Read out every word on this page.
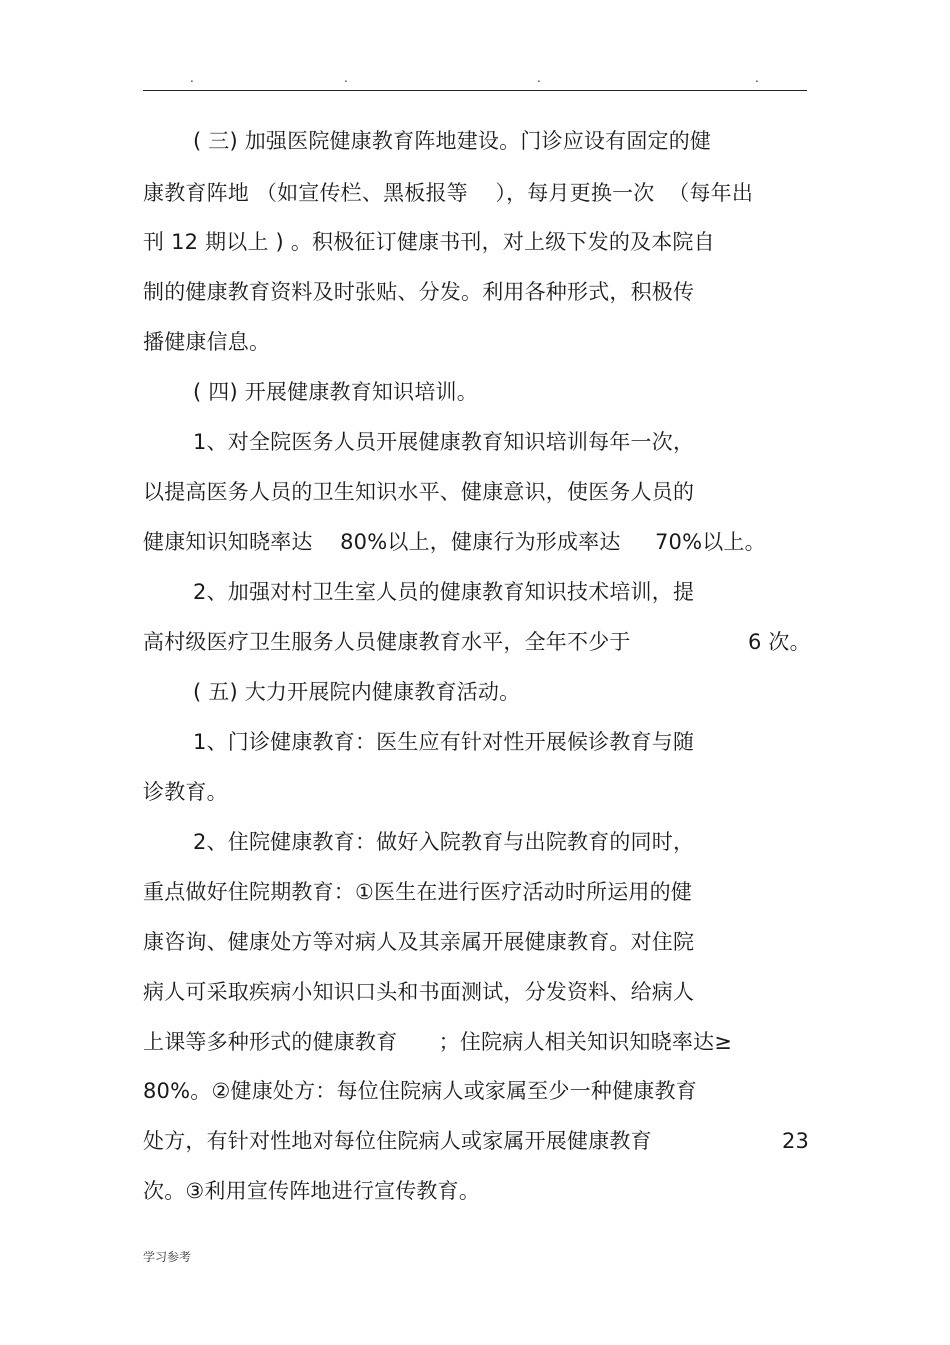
.	.	.	.
( 三) 加强医院健康教育阵地建设。门诊应设有固定的健
康教育阵地 （如宣传栏、黑板报等    ），每月更换一次  （每年出
刊 12 期以上 ) 。积极征订健康书刊，对上级下发的及本院自
制的健康教育资料及时张贴、分发。利用各种形式，积极传
播健康信息。
( 四) 开展健康教育知识培训。
1、对全院医务人员开展健康教育知识培训每年一次，
以提高医务人员的卫生知识水平、健康意识，使医务人员的
健康知识知晓率达    80%以上，健康行为形成率达     70%以上。
2、加强对村卫生室人员的健康教育知识技术培训，提
高村级医疗卫生服务人员健康教育水平，全年不少于	6 次。
( 五) 大力开展院内健康教育活动。
1、门诊健康教育：医生应有针对性开展候诊教育与随
诊教育。
2、住院健康教育：做好入院教育与出院教育的同时，
重点做好住院期教育：①医生在进行医疗活动时所运用的健
康咨询、健康处方等对病人及其亲属开展健康教育。对住院
病人可采取疾病小知识口头和书面测试，分发资料、给病人
上课等多种形式的健康教育      ；住院病人相关知识知晓率达≥
80%。②健康处方：每位住院病人或家属至少一种健康教育
处方，有针对性地对每位住院病人或家属开展健康教育	23
次。③利用宣传阵地进行宣传教育。
学习参考
